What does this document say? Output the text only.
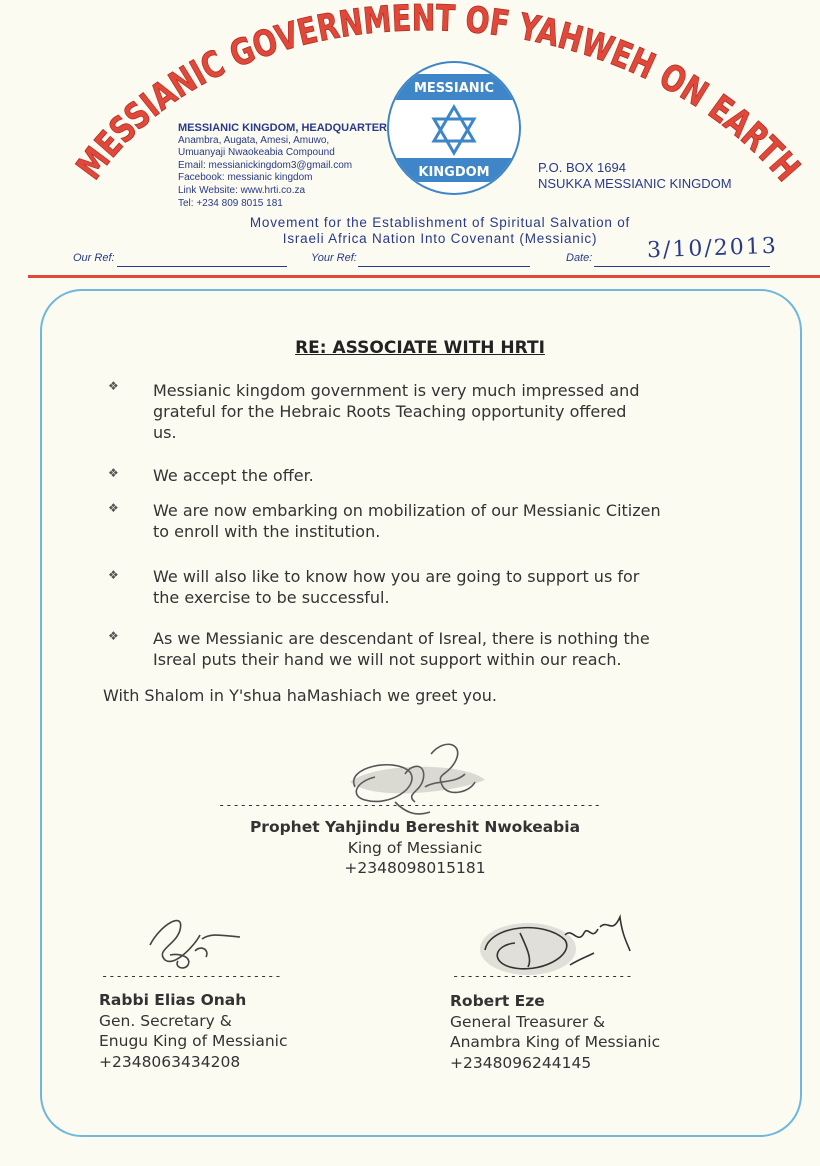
MESSIANIC GOVERNMENT OF YAHWEH ON EARTH
MESSIANIC
KINGDOM
MESSIANIC KINGDOM, HEADQUARTER
Anambra, Augata, Amesi, Amuwo,
Umuanyaji Nwaokeabia Compound
Email: messianickingdom3@gmail.com
Facebook: messianic kingdom
Link Website: www.hrti.co.za
Tel: +234 809 8015 181
P.O. BOX 1694
NSUKKA MESSIANIC KINGDOM
Movement for the Establishment of Spiritual Salvation of
Israeli Africa Nation Into Covenant (Messianic)
Our Ref:	Your Ref:	Date: 3/10/2013
RE: ASSOCIATE WITH HRTI
❖ Messianic kingdom government is very much impressed and
grateful for the Hebraic Roots Teaching opportunity offered
us.
❖ We accept the offer.
❖ We are now embarking on mobilization of our Messianic Citizen
to enroll with the institution.
❖ We will also like to know how you are going to support us for
the exercise to be successful.
❖ As we Messianic are descendant of Isreal, there is nothing the
Isreal puts their hand we will not support within our reach.
With Shalom in Y'shua haMashiach we greet you.
-----------------------------------------------------
Prophet Yahjindu Bereshit Nwokeabia
King of Messianic
+2348098015181
-------------------------
Rabbi Elias Onah
Gen. Secretary &
Enugu King of Messianic
+2348063434208
-------------------------
Robert Eze
General Treasurer &
Anambra King of Messianic
+2348096244145
